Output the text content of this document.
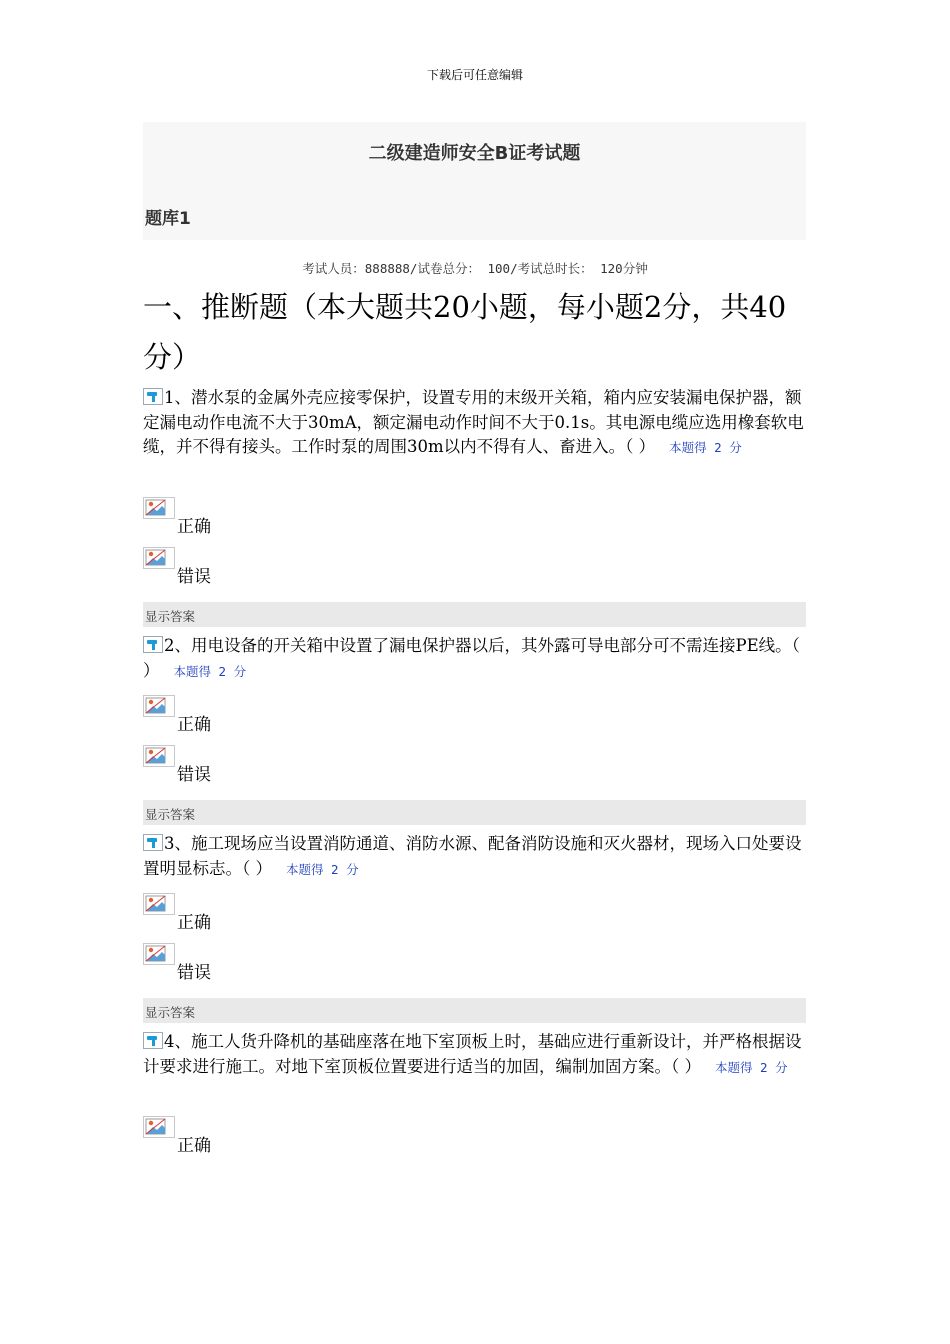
下载后可任意编辑
二级建造师安全B证考试题
题库1
考试人员：888888/试卷总分： 100/考试总时长： 120分钟
一、推断题（本大题共20小题，每小题2分，共40分）
1、潜水泵的金属外壳应接零保护，设置专用的末级开关箱，箱内应安装漏电保护器，额定漏电动作电流不大于30mA，额定漏电动作时间不大于0.1s。其电源电缆应选用橡套软电缆，并不得有接头。工作时泵的周围30m以内不得有人、畜进入。（ ） 本题得 2 分
正确
错误
显示答案
2、用电设备的开关箱中设置了漏电保护器以后，其外露可导电部分可不需连接PE线。（ ） 本题得 2 分
正确
错误
显示答案
3、施工现场应当设置消防通道、消防水源、配备消防设施和灭火器材，现场入口处要设置明显标志。（ ） 本题得 2 分
正确
错误
显示答案
4、施工人货升降机的基础座落在地下室顶板上时，基础应进行重新设计，并严格根据设计要求进行施工。对地下室顶板位置要进行适当的加固，编制加固方案。（ ） 本题得 2 分
正确
